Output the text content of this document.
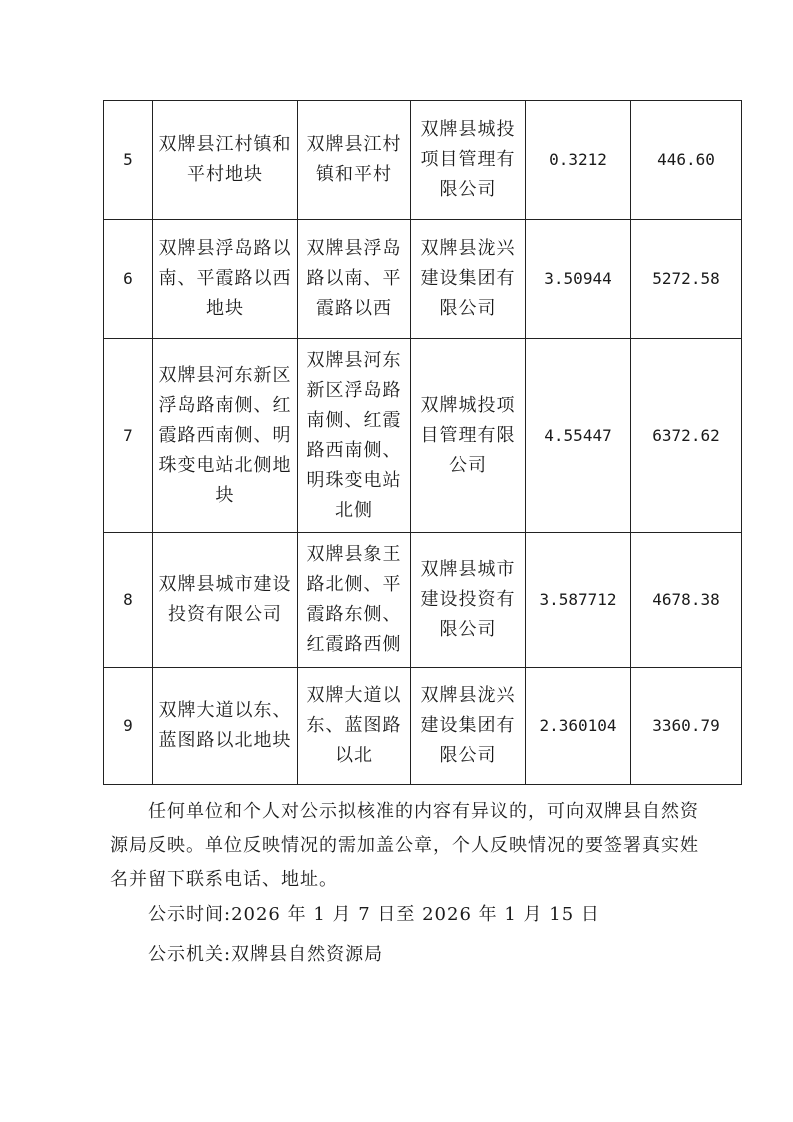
5	双牌县江村镇和平村地块	双牌县江村镇和平村	双牌县城投项目管理有限公司	0.3212	446.60
6	双牌县浮岛路以南、平霞路以西地块	双牌县浮岛路以南、平霞路以西	双牌县泷兴建设集团有限公司	3.50944	5272.58
7	双牌县河东新区浮岛路南侧、红霞路西南侧、明珠变电站北侧地块	双牌县河东新区浮岛路南侧、红霞路西南侧、明珠变电站北侧	双牌城投项目管理有限公司	4.55447	6372.62
8	双牌县城市建设投资有限公司	双牌县象王路北侧、平霞路东侧、红霞路西侧	双牌县城市建设投资有限公司	3.587712	4678.38
9	双牌大道以东、蓝图路以北地块	双牌大道以东、蓝图路以北	双牌县泷兴建设集团有限公司	2.360104	3360.79

任何单位和个人对公示拟核准的内容有异议的，可向双牌县自然资源局反映。单位反映情况的需加盖公章，个人反映情况的要签署真实姓名并留下联系电话、地址。

公示时间:2026 年 1 月 7 日至 2026 年 1 月 15 日

公示机关:双牌县自然资源局
